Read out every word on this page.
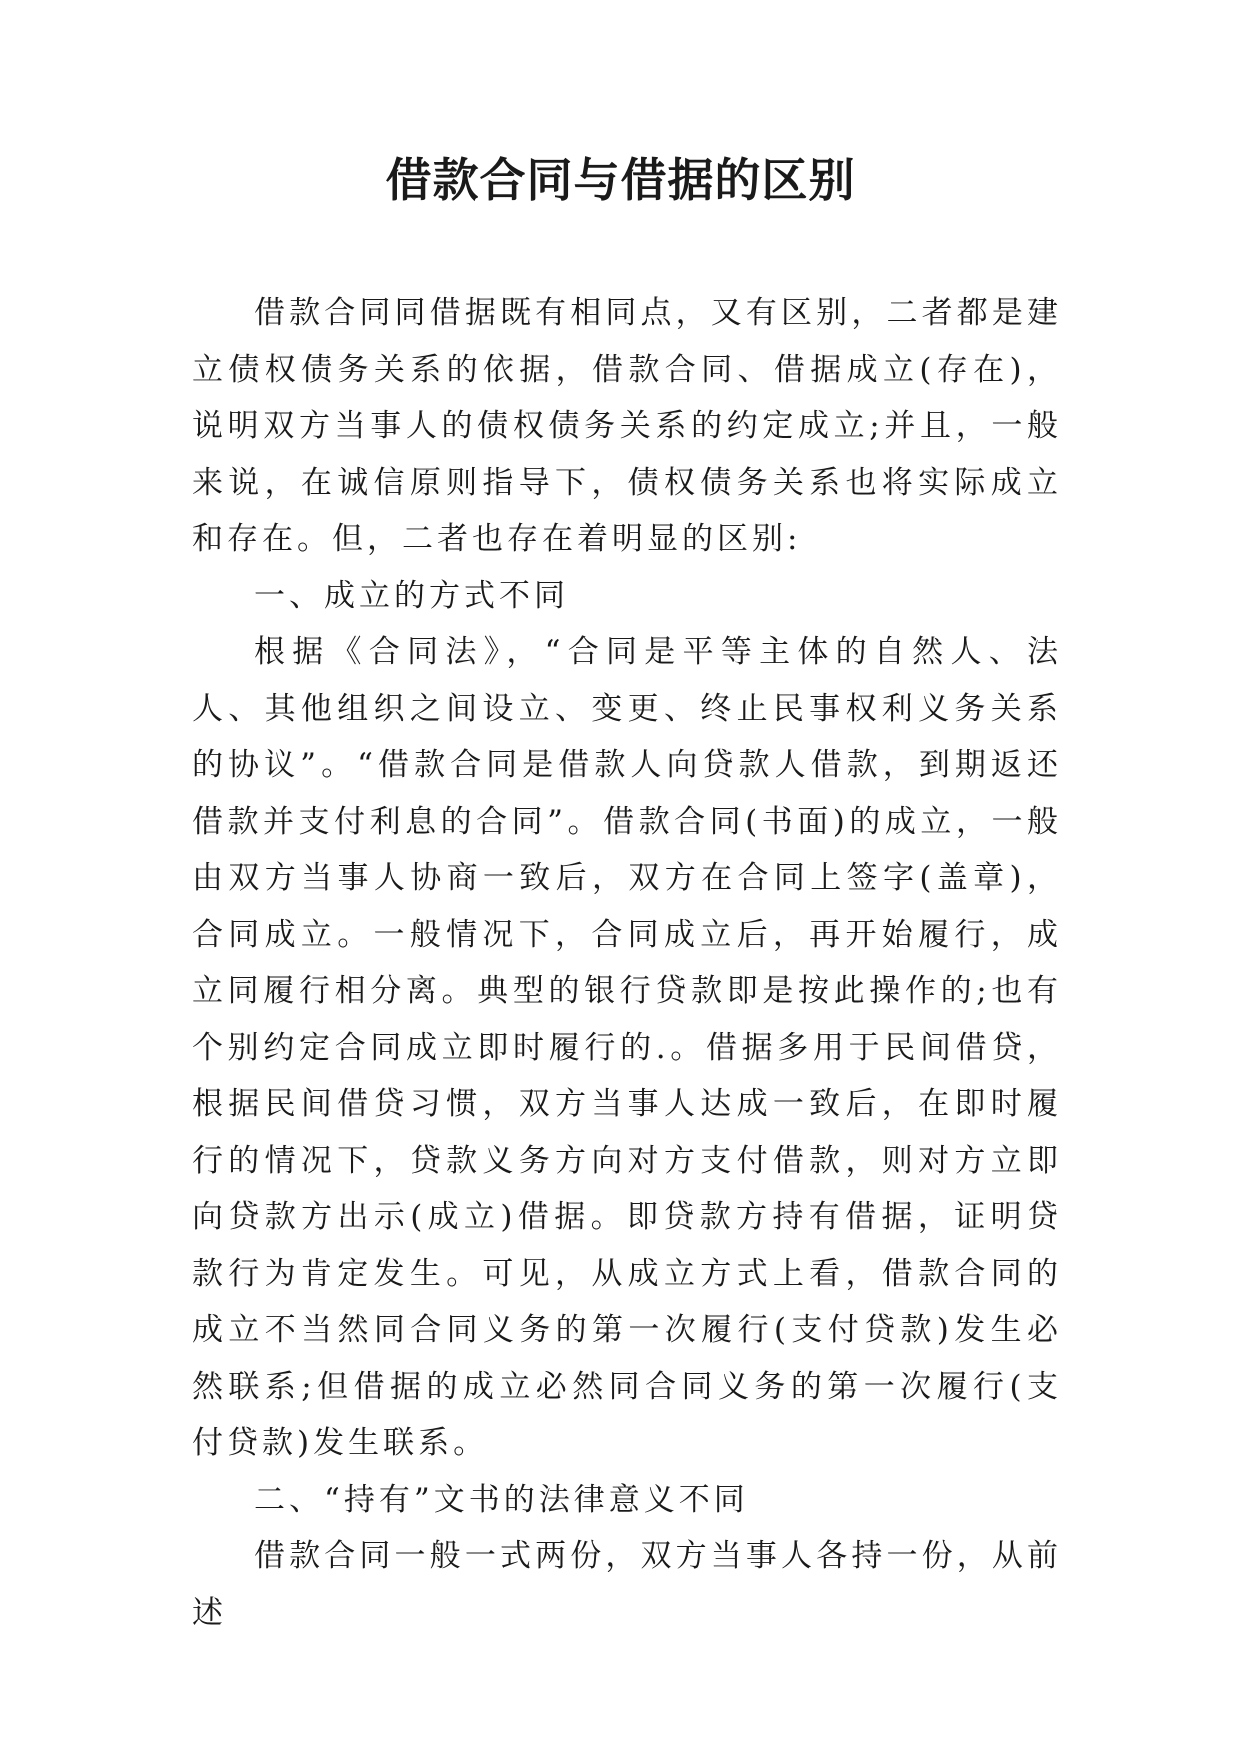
借款合同与借据的区别

借款合同同借据既有相同点，又有区别，二者都是建立债权债务关系的依据，借款合同、借据成立(存在)，说明双方当事人的债权债务关系的约定成立;并且，一般来说，在诚信原则指导下，债权债务关系也将实际成立和存在。但，二者也存在着明显的区别:

一、成立的方式不同

根据《合同法》，“合同是平等主体的自然人、法人、其他组织之间设立、变更、终止民事权利义务关系的协议”。“借款合同是借款人向贷款人借款，到期返还借款并支付利息的合同”。借款合同(书面)的成立，一般由双方当事人协商一致后，双方在合同上签字(盖章)，合同成立。一般情况下，合同成立后，再开始履行，成立同履行相分离。典型的银行贷款即是按此操作的;也有个别约定合同成立即时履行的.。借据多用于民间借贷，根据民间借贷习惯，双方当事人达成一致后，在即时履行的情况下，贷款义务方向对方支付借款，则对方立即向贷款方出示(成立)借据。即贷款方持有借据，证明贷款行为肯定发生。可见，从成立方式上看，借款合同的成立不当然同合同义务的第一次履行(支付贷款)发生必然联系;但借据的成立必然同合同义务的第一次履行(支付贷款)发生联系。

二、“持有”文书的法律意义不同

借款合同一般一式两份，双方当事人各持一份，从前述
